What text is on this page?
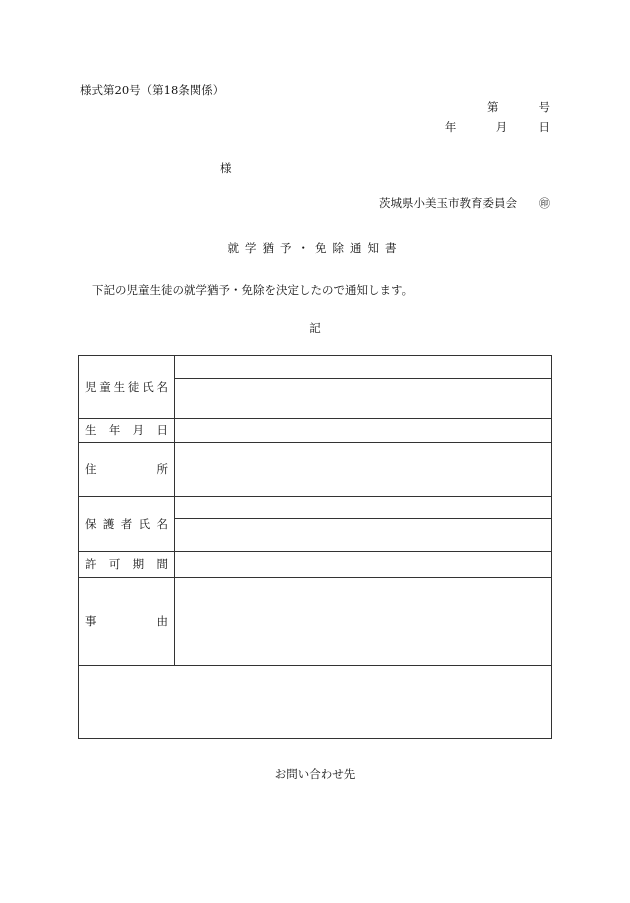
様式第20号（第18条関係）
第	号
年	月	日
様
茨城県小美玉市教育委員会 ㊞
就学猶予・免除通知書
下記の児童生徒の就学猶予・免除を決定したので通知します。
記
児 童 生 徒 氏 名
生 年 月 日
住	所
保 護 者 氏 名
許 可 期 間
事	由
お問い合わせ先
